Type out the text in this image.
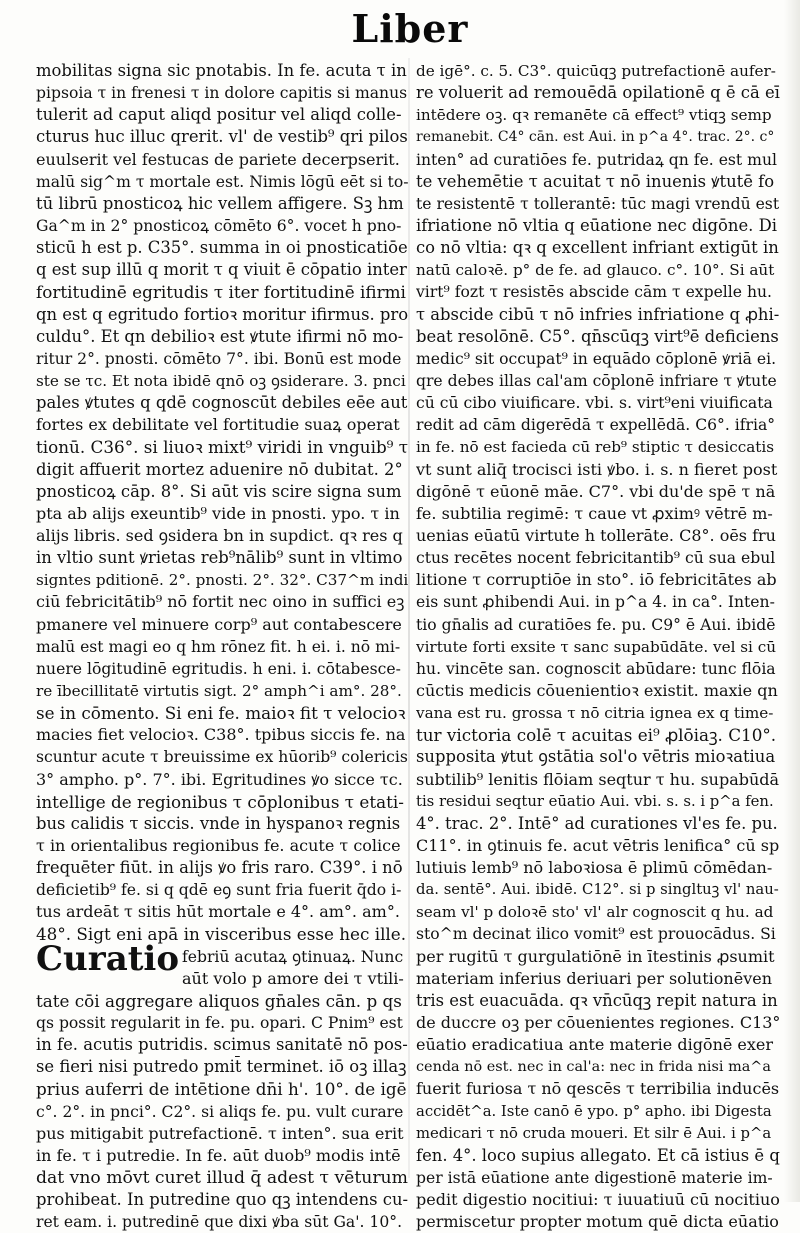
Liber
mobilitas signa sic pnotabis. In fe. acuta τ in
pipsoia τ in frenesi τ in dolore capitis si manus
tulerit ad caput aliqd positur vel aliqd colle-
cturus huc illuc qrerit. vl' de vestib⁹ qri pilos
euulserit vel festucas de pariete decerpserit.
malū sig^m τ mortale est. Nimis lōgū eēt si to-
tū librū pnosticoꝝ hic vellem affigere. Sꝫ hm
Ga^m in 2° pnosticoꝝ cōmēto 6°. vocet h pno-
sticū h est p. C35°. summa in oi pnosticatiōe
q est sup illū q morit τ q viuit ē cōpatio inter
fortitudinē egritudis τ iter fortitudinē ifirmi
qn est q egritudo fortioꝛ moritur ifirmus. pro
culdu°. Et qn debilioꝛ est ꝟtute ifirmi nō mo-
ritur 2°. pnosti. cōmēto 7°. ibi. Bonū est mode
ste se τc. Et nota ibidē qnō oꝫ ꝯsiderare. 3. pnci
pales ꝟtutes q qdē cognoscūt debiles eēe aut
fortes ex debilitate vel fortitudie suaꝝ operat
tionū. C36°. si liuoꝛ mixt⁹ viridi in vnguib⁹ τ
digit affuerit mortez aduenire nō dubitat. 2°
pnosticoꝝ cāp. 8°. Si aūt vis scire signa sum
pta ab alijs exeuntib⁹ vide in pnosti. ypo. τ in
alijs libris. sed ꝯsidera bn in supdict. qꝛ res q
in vltio sunt ꝟrietas reb⁹nālib⁹ sunt in vltimo
signtes pditionē. 2°. pnosti. 2°. 32°. C37^m indi
ciū febricitātib⁹ nō fortit nec oino in suffici eꝫ
pmanere vel minuere corp⁹ aut contabescere
malū est magi eo q hm rōnez fit. h ei. i. nō mi-
nuere lōgitudinē egritudis. h eni. i. cōtabesce-
re ībecillitatē virtutis sigt. 2° amph^i am°. 28°.
se in cōmento. Si eni fe. maioꝛ fit τ velocioꝛ
macies fiet velocioꝛ. C38°. tpibus siccis fe. na
scuntur acute τ breuissime ex hūorib⁹ colericis
3° ampho. p°. 7°. ibi. Egritudines ꝟo sicce τc.
intellige de regionibus τ cōplonibus τ etati-
bus calidis τ siccis. vnde in hyspanoꝛ regnis
τ in orientalibus regionibus fe. acute τ colice
frequēter fiūt. in alijs ꝟo fris raro. C39°. i nō
deficietib⁹ fe. si q qdē eꝯ sunt fria fuerit q̄do i-
tus ardeāt τ sitis hūt mortale e 4°. am°. am°.
48°. Sigt eni apā in visceribus esse hec ille.
Curatio febriū acutaꝝ ꝯtinuaꝝ. Nunc
aūt volo p amore dei τ vtili-
tate cōi aggregare aliquos gn̄ales cān. p qs
qs possit regularit in fe. pu. opari. C Pnim⁹ est
in fe. acutis putridis. scimus sanitatē nō pos-
se fieri nisi putredo pmit̄ terminet. iō oꝫ illaꝫ
prius auferri de intētione dn̄i h'. 10°. de igē
c°. 2°. in pnci°. C2°. si aliqs fe. pu. vult curare
pus mitigabit putrefactionē. τ inten°. sua erit
in fe. τ i putredie. In fe. aūt duob⁹ modis intē
dat vno mōvt curet illud q̄ adest τ vēturum
prohibeat. In putredine quo qꝫ intendens cu-
ret eam. i. putredinē que dixi ꝟba sūt Ga'. 10°.
de igē°. c. 5. C3°. quicūqꝫ putrefactionē aufer-
re voluerit ad remouēdā opilationē q ē cā eī
intēdere oꝫ. qꝛ remanēte cā effect⁹ vtiqꝫ semp
remanebit. C4° cān. est Aui. in p^a 4°. trac. 2°. c°
inten° ad curatiōes fe. putridaꝝ qn fe. est mul
te vehemētie τ acuitat τ nō inuenis ꝟtutē fo
te resistentē τ tollerantē: tūc magi vrendū est
ifriatione nō vltia q eūatione nec digōne. Di
co nō vltia: qꝛ q excellent infriant extigūt in
natū caloꝛē. p° de fe. ad glauco. c°. 10°. Si aūt
virt⁹ fozt τ resistēs abscide cām τ expelle hu.
τ abscide cibū τ nō infries infriatione q ꝓhi-
beat resolōnē. C5°. qn̄scūqꝫ virt⁹ē deficiens
medic⁹ sit occupat⁹ in equādo cōplonē ꝟriā ei.
qre debes illas cal'am cōplonē infriare τ ꝟtute
cū cū cibo viuificare. vbi. s. virt⁹eni viuificata
redit ad cām digerēdā τ expellēdā. C6°. ifria°
in fe. nō est facieda cū reb⁹ stiptic τ desiccatis
vt sunt aliq̄ trocisci isti ꝟbo. i. s. n fieret post
digōnē τ eūonē māe. C7°. vbi du'de spē τ nā
fe. subtilia regimē: τ caue vt ꝓximꝰ vētrē m-
uenias eūatū virtute h tollerāte. C8°. oēs fru
ctus recētes nocent febricitantib⁹ cū sua ebul
litione τ corruptiōe in sto°. iō febricitātes ab
eis sunt ꝓhibendi Aui. in p^a 4. in ca°. Inten-
tio gn̄alis ad curatiōes fe. pu. C9° ē Aui. ibidē
virtute forti exsite τ sanc supabūdāte. vel si cū
hu. vincēte san. cognoscit abūdare: tunc flōia
cūctis medicis cōuenientioꝛ existit. maxie qn
vana est ru. grossa τ nō citria ignea ex q time-
tur victoria colē τ acuitas ei⁹ ꝓlōiaꝫ. C10°.
supposita ꝟtut ꝯstātia sol'o vētris mioꝛatiua
subtilib⁹ lenitis flōiam seqtur τ hu. supabūdā
tis residui seqtur eūatio Aui. vbi. s. s. i p^a fen.
4°. trac. 2°. Intē° ad curationes vl'es fe. pu.
C11°. in ꝯtinuis fe. acut vētris lenifica° cū sp
lutiuis lemb⁹ nō laboꝛiosa ē plimū cōmēdan-
da. sentē°. Aui. ibidē. C12°. si p singltuꝫ vl' nau-
seam vl' p doloꝛē sto' vl' alr cognoscit q hu. ad
sto^m decinat ilico vomit⁹ est prouocādus. Si
per rugitū τ gurgulatiōnē in ītestinis ꝓsumit
materiam inferius deriuari per solutionēven
tris est euacuāda. qꝛ vn̄cūqꝫ repit natura in
de duccre oꝫ per cōuenientes regiones. C13°
eūatio eradicatiua ante materie digōnē exer
cenda nō est. nec in cal'a: nec in frida nisi ma^a
fuerit furiosa τ nō qescēs τ terribilia inducēs
accidēt^a. Iste canō ē ypo. p° apho. ibi Digesta
medicari τ nō cruda moueri. Et silr ē Aui. i p^a
fen. 4°. loco supius allegato. Et cā istius ē q
per istā eūatione ante digestionē materie im-
pedit digestio nocitiui: τ iuuatiuū cū nocitiuo
permiscetur propter motum quē dicta eūatio
